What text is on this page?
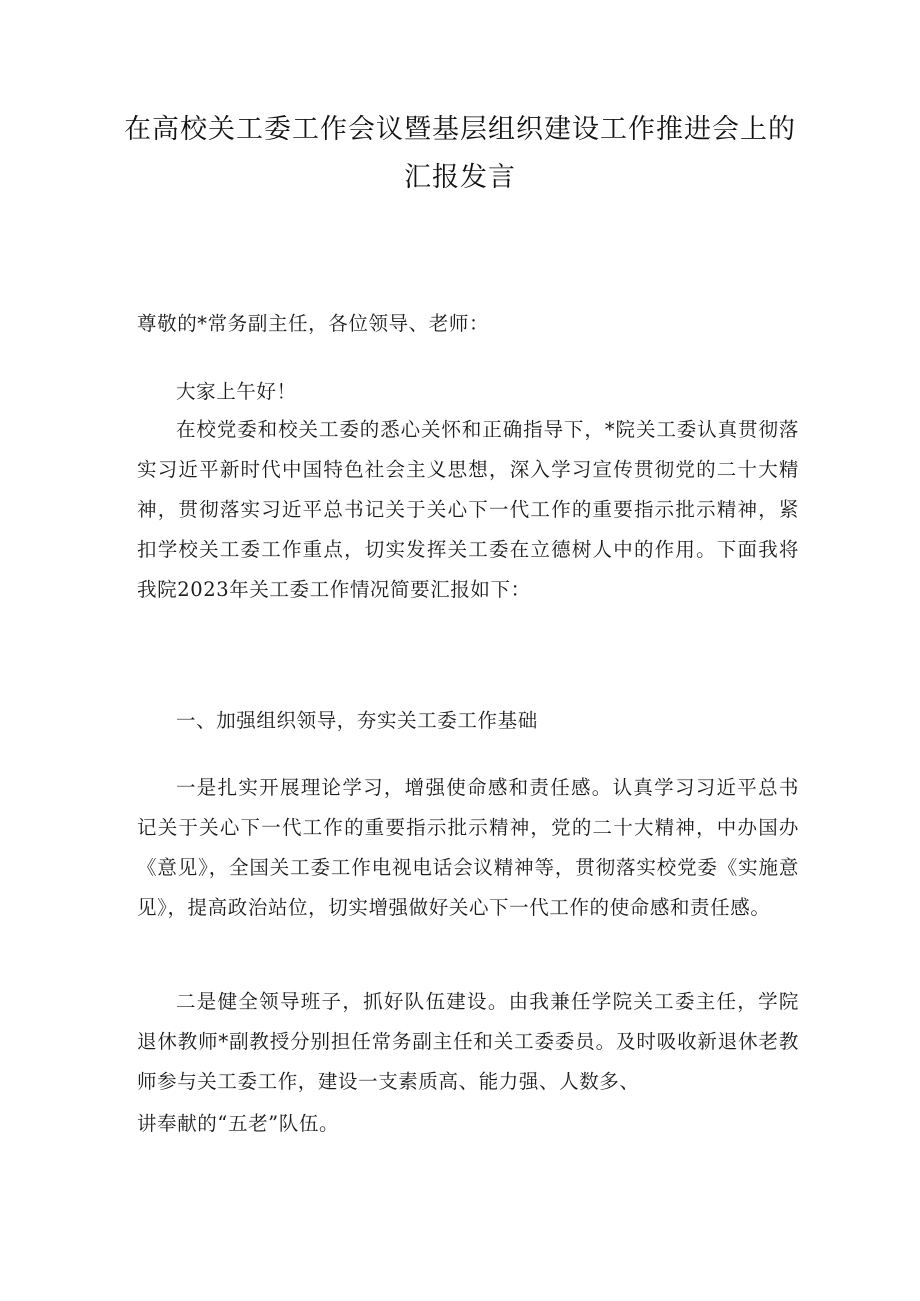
在高校关工委工作会议暨基层组织建设工作推进会上的汇报发言

尊敬的*常务副主任，各位领导、老师：

大家上午好！

在校党委和校关工委的悉心关怀和正确指导下，*院关工委认真贯彻落实习近平新时代中国特色社会主义思想，深入学习宣传贯彻党的二十大精神，贯彻落实习近平总书记关于关心下一代工作的重要指示批示精神，紧扣学校关工委工作重点，切实发挥关工委在立德树人中的作用。下面我将我院2023年关工委工作情况简要汇报如下：

一、加强组织领导，夯实关工委工作基础

一是扎实开展理论学习，增强使命感和责任感。认真学习习近平总书记关于关心下一代工作的重要指示批示精神，党的二十大精神，中办国办《意见》，全国关工委工作电视电话会议精神等，贯彻落实校党委《实施意见》，提高政治站位，切实增强做好关心下一代工作的使命感和责任感。

二是健全领导班子，抓好队伍建设。由我兼任学院关工委主任，学院退休教师*副教授分别担任常务副主任和关工委委员。及时吸收新退休老教师参与关工委工作，建设一支素质高、能力强、人数多、

讲奉献的“五老”队伍。
